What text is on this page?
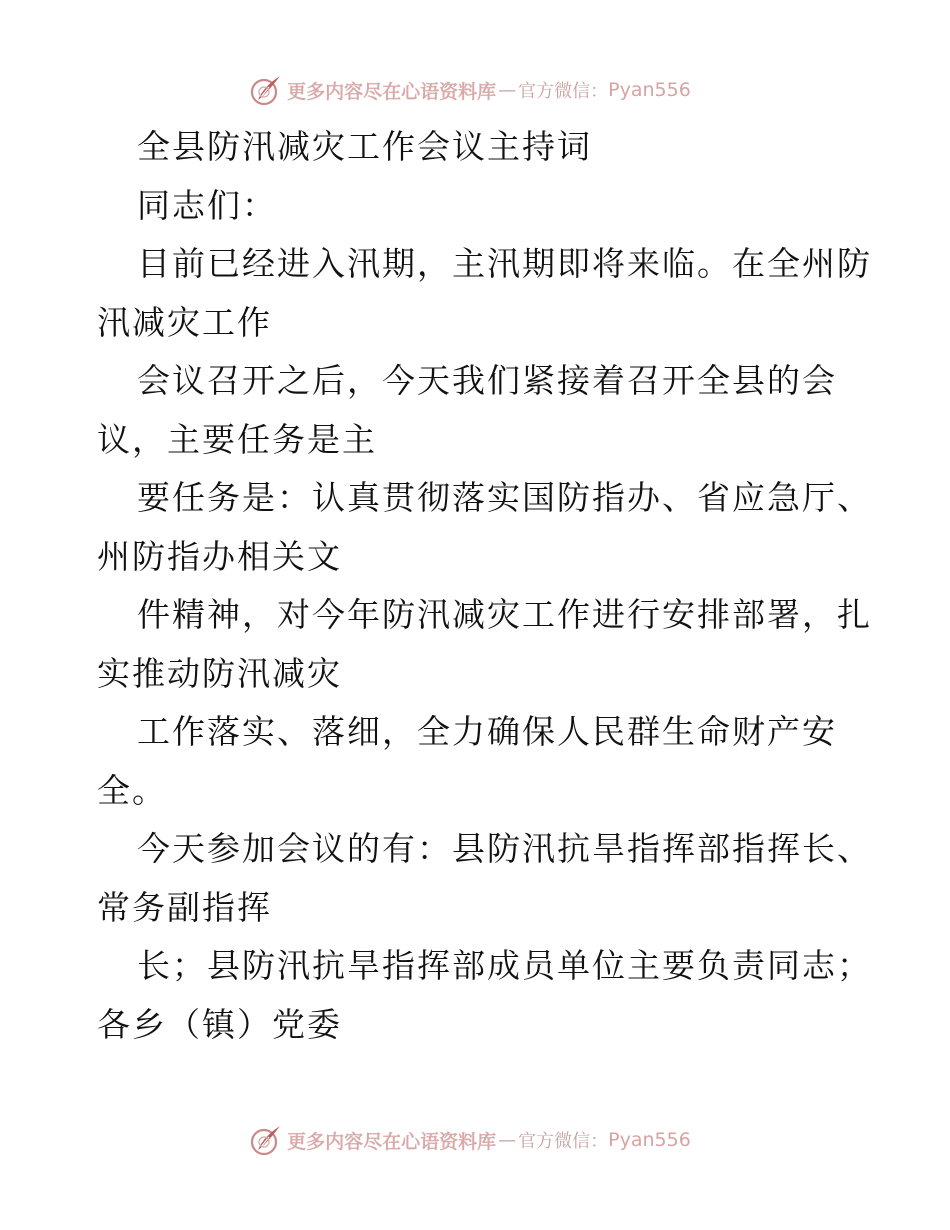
更多内容尽在心语资料库 — 官方微信： Pyan556
全县防汛减灾工作会议主持词
同志们：
目前已经进入汛期，主汛期即将来临。在全州防
汛减灾工作
会议召开之后，今天我们紧接着召开全县的会
议，主要任务是主
要任务是：认真贯彻落实国防指办、省应急厅、
州防指办相关文
件精神，对今年防汛减灾工作进行安排部署，扎
实推动防汛减灾
工作落实、落细，全力确保人民群生命财产安
全。
今天参加会议的有：县防汛抗旱指挥部指挥长、
常务副指挥
长；县防汛抗旱指挥部成员单位主要负责同志；
各乡（镇）党委
更多内容尽在心语资料库 — 官方微信： Pyan556
